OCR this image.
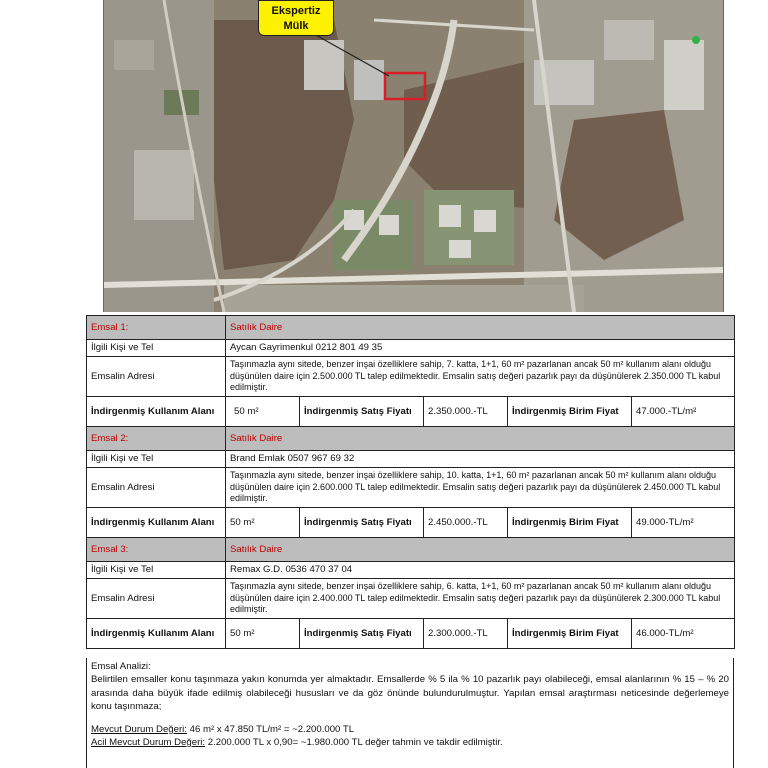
Ekspertiz
Mülk
Emsal 1:	Satılık Daire				
İlgili Kişi ve Tel	Aycan Gayrimenkul 0212 801 49 35				
Emsalin Adresi	Taşınmazla aynı sitede, benzer inşai özelliklere sahip, 7. katta, 1+1, 60 m² pazarlanan ancak 50 m² kullanım alanı olduğu düşünülen daire için 2.500.000 TL talep edilmektedir. Emsalin satış değeri pazarlık payı da düşünülerek 2.350.000 TL kabul edilmiştir.				
İndirgenmiş Kullanım Alanı	50 m²	İndirgenmiş Satış Fiyatı	2.350.000.-TL	İndirgenmiş Birim Fiyat	47.000.-TL/m²
Emsal 2:	Satılık Daire				
İlgili Kişi ve Tel	Brand Emlak 0507 967 69 32				
Emsalin Adresi	Taşınmazla aynı sitede, benzer inşai özelliklere sahip, 10. katta, 1+1, 60 m² pazarlanan ancak 50 m² kullanım alanı olduğu düşünülen daire için 2.600.000 TL talep edilmektedir. Emsalin satış değeri pazarlık payı da düşünülerek 2.450.000 TL kabul edilmiştir.				
İndirgenmiş Kullanım Alanı	50 m²	İndirgenmiş Satış Fiyatı	2.450.000.-TL	İndirgenmiş Birim Fiyat	49.000-TL/m²
Emsal 3:	Satılık Daire				
İlgili Kişi ve Tel	Remax G.D. 0536 470 37 04				
Emsalin Adresi	Taşınmazla aynı sitede, benzer inşai özelliklere sahip, 6. katta, 1+1, 60 m² pazarlanan ancak 50 m² kullanım alanı olduğu düşünülen daire için 2.400.000 TL talep edilmektedir. Emsalin satış değeri pazarlık payı da düşünülerek 2.300.000 TL kabul edilmiştir.				
İndirgenmiş Kullanım Alanı	50 m²	İndirgenmiş Satış Fiyatı	2.300.000.-TL	İndirgenmiş Birim Fiyat	46.000-TL/m²

Emsal Analizi:

Belirtilen emsaller konu taşınmaza yakın konumda yer almaktadır. Emsallerde % 5 ila % 10 pazarlık payı olabileceği, emsal alanlarının % 15 – % 20 arasında daha büyük ifade edilmiş olabileceği hususları ve da göz önünde bulundurulmuştur. Yapılan emsal araştırması neticesinde değerlemeye konu taşınmaza;

Mevcut Durum Değeri: 46 m² x 47.850 TL/m² = ~2.200.000 TL

Acil Mevcut Durum Değeri: 2.200.000 TL x 0,90= ~1.980.000 TL değer tahmin ve takdir edilmiştir.
